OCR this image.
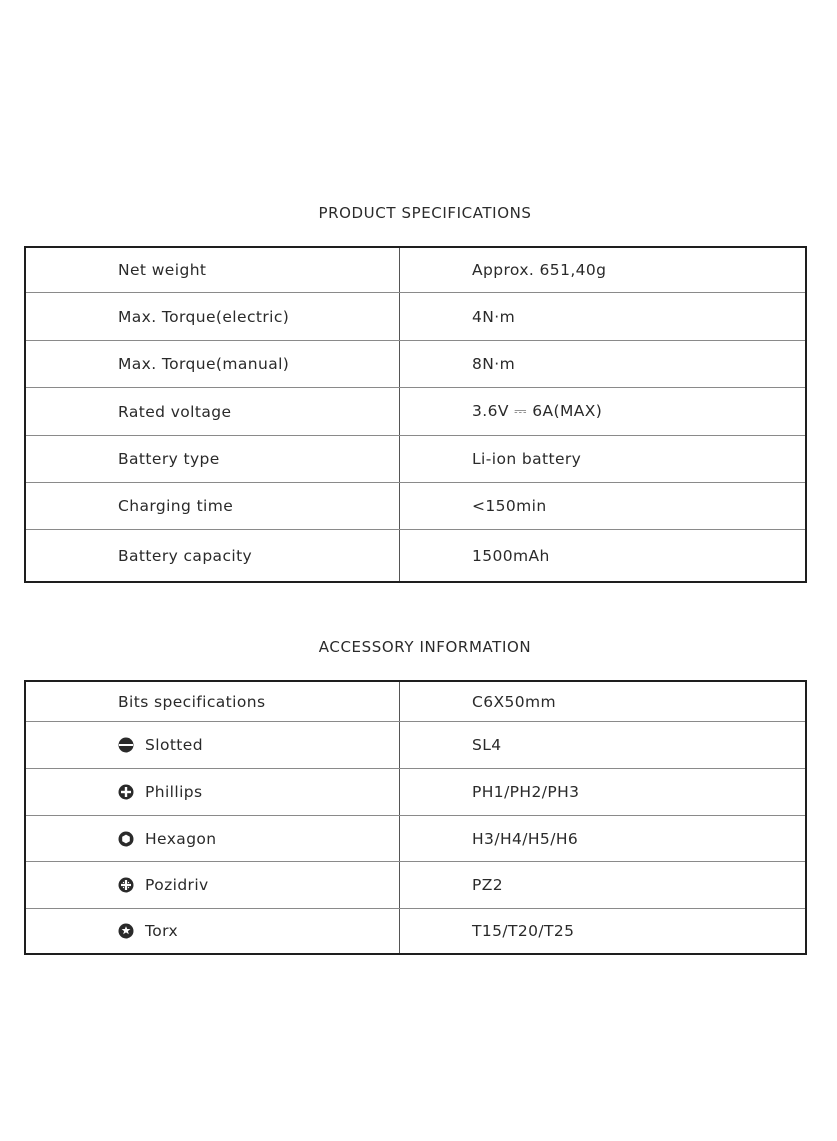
PRODUCT SPECIFICATIONS
Net weight	Approx. 651,40g
Max. Torque(electric)	4N·m
Max. Torque(manual)	8N·m
Rated voltage	3.6V ⎓ 6A(MAX)
Battery type	Li-ion battery
Charging time	<150min
Battery capacity	1500mAh
ACCESSORY INFORMATION
Bits specifications	C6X50mm
Slotted	SL4
Phillips	PH1/PH2/PH3
Hexagon	H3/H4/H5/H6
Pozidriv	PZ2
Torx	T15/T20/T25
